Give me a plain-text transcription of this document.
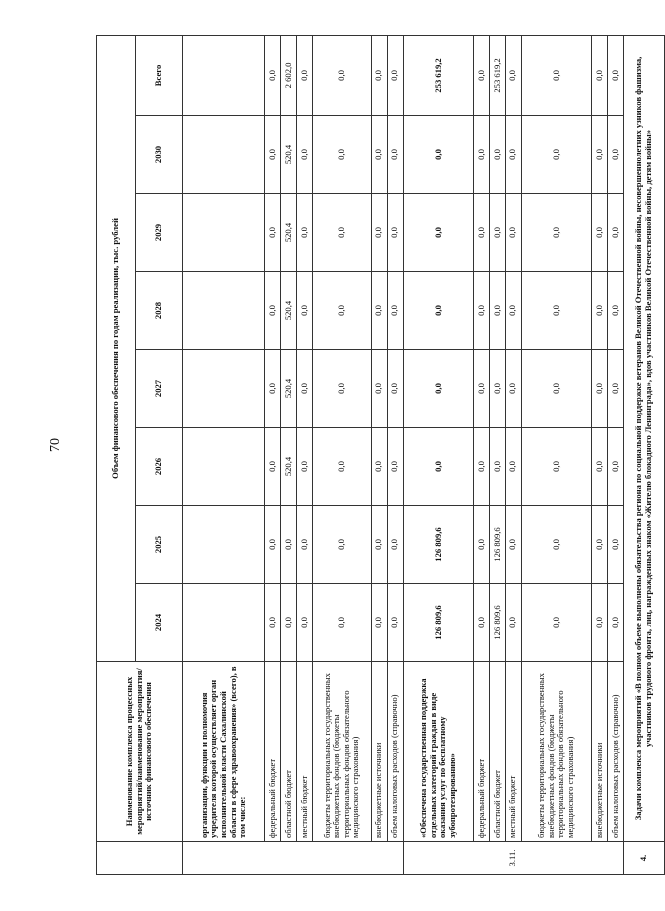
70
	Наименование комплекса процессных мероприятий/наименование мероприятия/источник финансового обеспечения	Объем финансового обеспечения по годам реализации, тыс. рублей							
		2024	2025	2026	2027	2028	2029	2030	Всего
	организации, функции и полномочия учредителя которой осуществляет орган исполнительной власти Сахалинской области в сфере здравоохранения» (всего), в том числе:								
	федеральный бюджет	0,0	0,0	0,0	0,0	0,0	0,0	0,0	0,0
	областной бюджет	0,0	0,0	520,4	520,4	520,4	520,4	520,4	2 602,0
	местный бюджет	0,0	0,0	0,0	0,0	0,0	0,0	0,0	0,0
	бюджеты территориальных государственных внебюджетных фондов (бюджеты территориальных фондов обязательного медицинского страхования)	0,0	0,0	0,0	0,0	0,0	0,0	0,0	0,0
	внебюджетные источники	0,0	0,0	0,0	0,0	0,0	0,0	0,0	0,0
	объем налоговых расходов (справочно)	0,0	0,0	0,0	0,0	0,0	0,0	0,0	0,0
3.11.	«Обеспечена государственная поддержка отдельных категорий граждан в виде оказания услуг по бесплатному зубопротезированию»	126 809,6	126 809,6	0,0	0,0	0,0	0,0	0,0	253 619,2
	федеральный бюджет	0,0	0,0	0,0	0,0	0,0	0,0	0,0	0,0
	областной бюджет	126 809,6	126 809,6	0,0	0,0	0,0	0,0	0,0	253 619,2
	местный бюджет	0,0	0,0	0,0	0,0	0,0	0,0	0,0	0,0
	бюджеты территориальных государственных внебюджетных фондов (бюджеты территориальных фондов обязательного медицинского страхования)	0,0	0,0	0,0	0,0	0,0	0,0	0,0	0,0
	внебюджетные источники	0,0	0,0	0,0	0,0	0,0	0,0	0,0	0,0
	объем налоговых расходов (справочно)	0,0	0,0	0,0	0,0	0,0	0,0	0,0	0,0
4.	Задачи комплекса мероприятий «В полном объеме выполнены обязательства региона по социальной поддержке ветеранов Великой Отечественной войны, несовершеннолетних узников фашизма, участников трудового фронта, лиц, награжденных знаком «Жителю блокадного Ленинграда», вдов участников Великой Отечественной войны, детям войны»								
